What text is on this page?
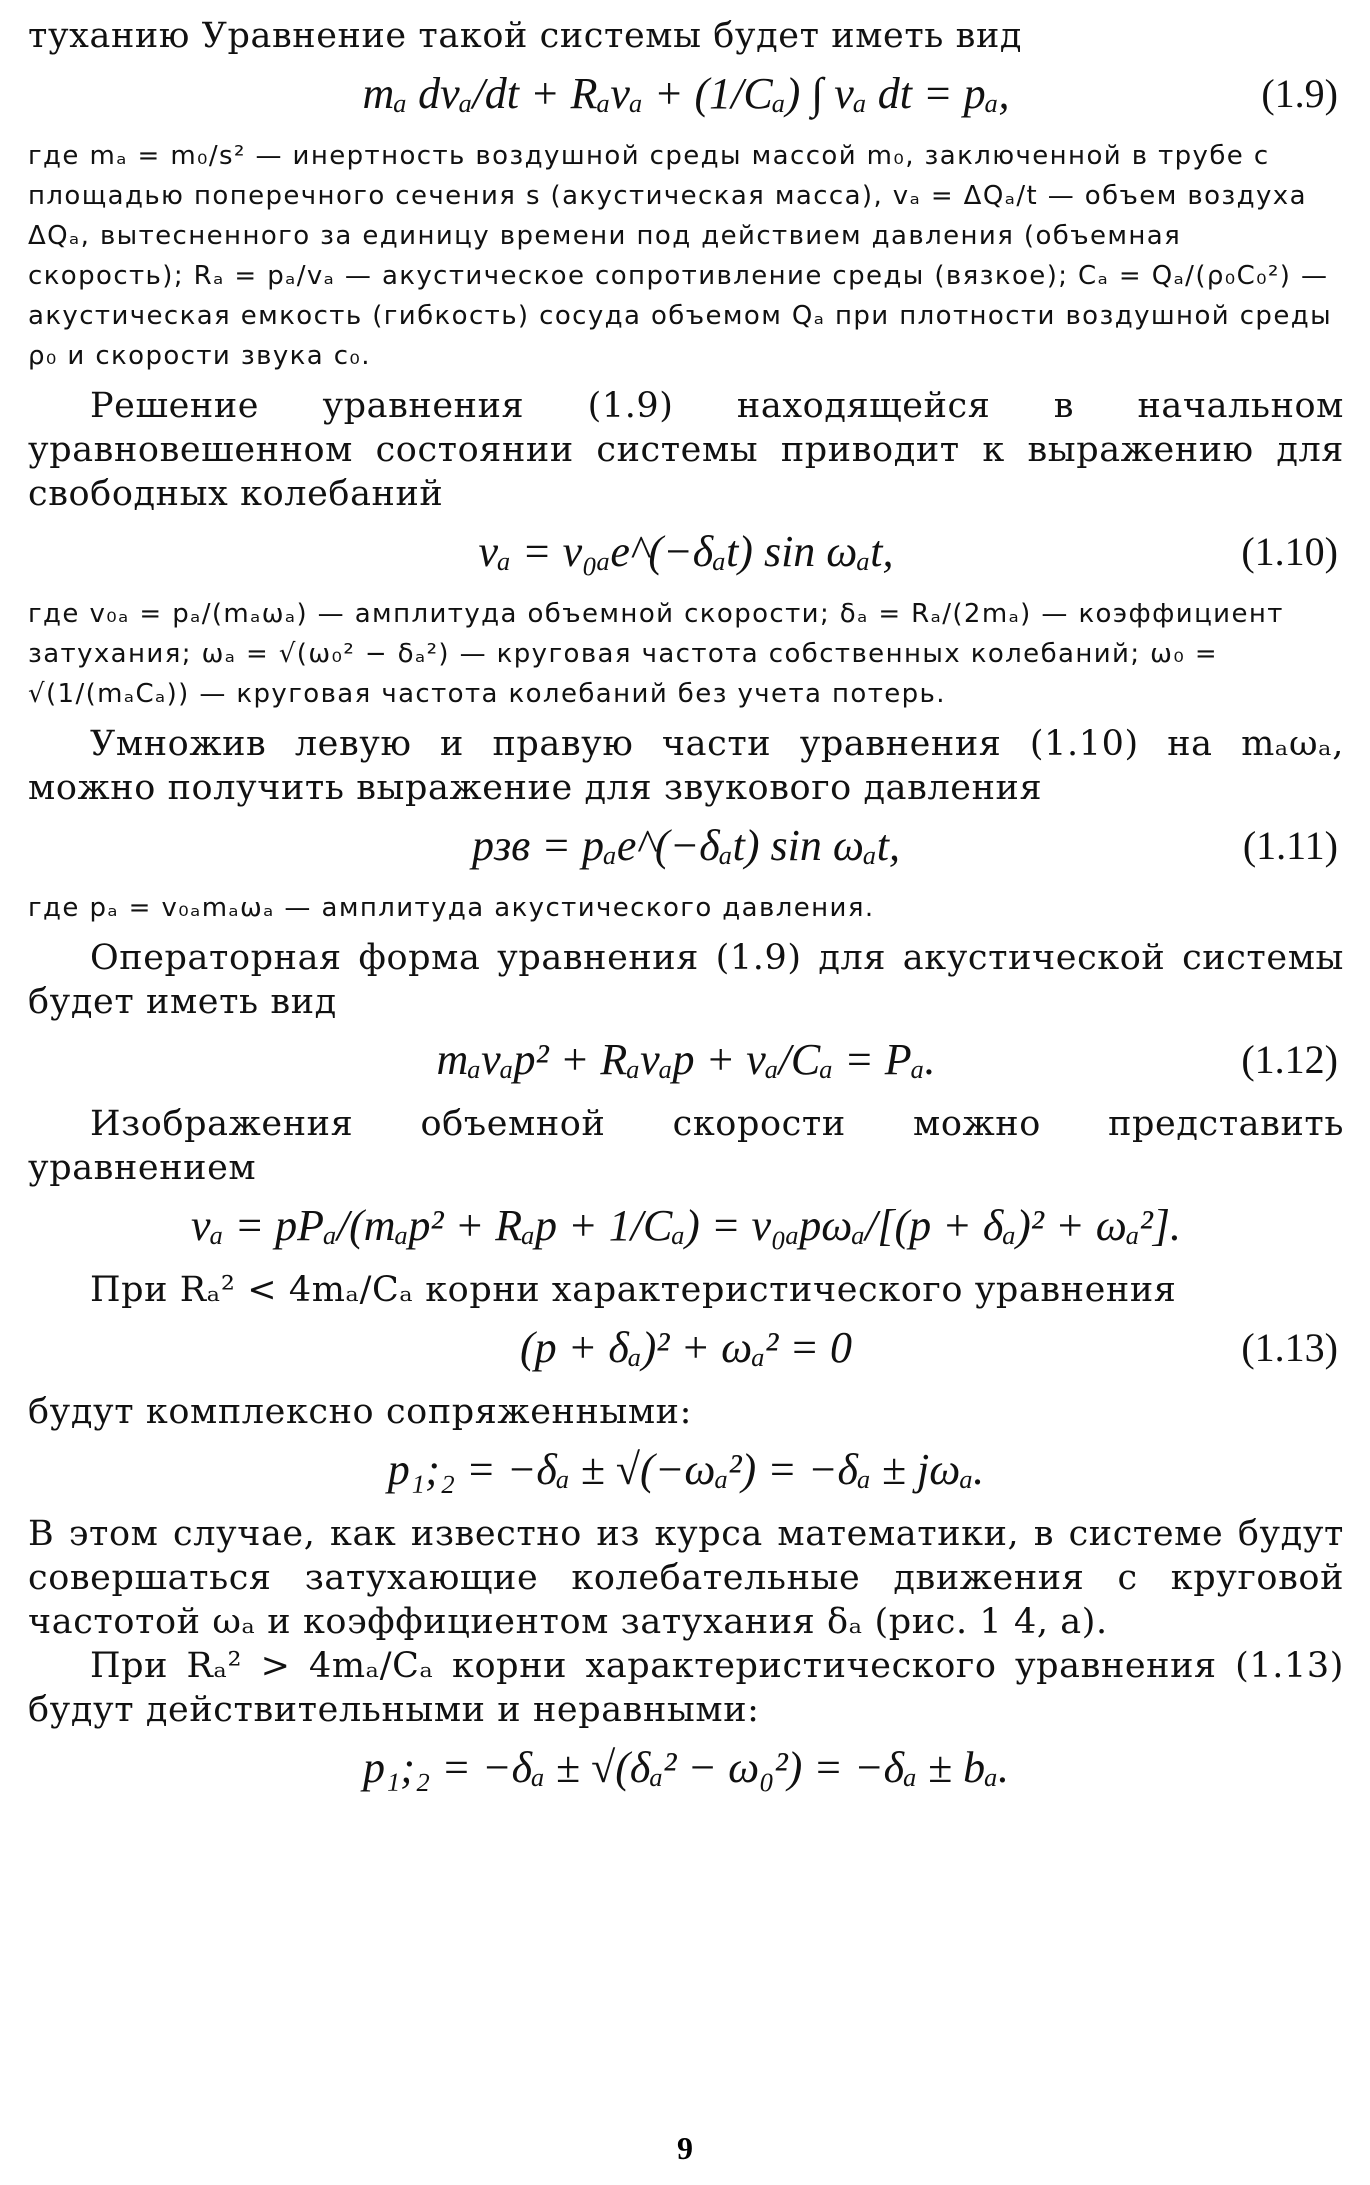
туханию Уравнение такой системы будет иметь вид

mₐ dvₐ/dt + Rₐvₐ + (1/Cₐ) ∫ vₐ dt = pₐ,	(1.9)

где mₐ = m₀/s² — инертность воздушной среды массой m₀, заключенной в трубе с площадью поперечного сечения s (акустическая масса), vₐ = ΔQₐ/t — объем воздуха ΔQₐ, вытесненного за единицу времени под действием давления (объемная скорость); Rₐ = pₐ/vₐ — акустическое сопротивление среды (вязкое); Cₐ = Qₐ/(ρ₀C₀²) — акустическая емкость (гибкость) сосуда объемом Qₐ при плотности воздушной среды ρ₀ и скорости звука c₀.

Решение уравнения (1.9) находящейся в начальном уравновешенном состоянии системы приводит к выражению для свободных колебаний

vₐ = v₀ₐe^(−δₐt) sin ωₐt,	(1.10)

где v₀ₐ = pₐ/(mₐωₐ) — амплитуда объемной скорости; δₐ = Rₐ/(2mₐ) — коэффициент затухания; ωₐ = √(ω₀² − δₐ²) — круговая частота собственных колебаний; ω₀ = √(1/(mₐCₐ)) — круговая частота колебаний без учета потерь.

Умножив левую и правую части уравнения (1.10) на mₐωₐ, можно получить выражение для звукового давления

pзв = pₐe^(−δₐt) sin ωₐt,	(1.11)

где pₐ = v₀ₐmₐωₐ — амплитуда акустического давления.

Операторная форма уравнения (1.9) для акустической системы будет иметь вид

mₐvₐp² + Rₐvₐp + vₐ/Cₐ = Pₐ.	(1.12)

Изображения объемной скорости можно представить уравнением

vₐ = pPₐ/(mₐp² + Rₐp + 1/Cₐ) = v₀ₐpωₐ/[(p + δₐ)² + ωₐ²].

При Rₐ² < 4mₐ/Cₐ корни характеристического уравнения

(p + δₐ)² + ωₐ² = 0	(1.13)

будут комплексно сопряженными:

p₁;₂ = −δₐ ± √(−ωₐ²) = −δₐ ± jωₐ.

В этом случае, как известно из курса математики, в системе будут совершаться затухающие колебательные движения с круговой частотой ωₐ и коэффициентом затухания δₐ (рис. 1 4, а).

При Rₐ² > 4mₐ/Cₐ корни характеристического уравнения (1.13) будут действительными и неравными:

p₁;₂ = −δₐ ± √(δₐ² − ω₀²) = −δₐ ± bₐ.
9
